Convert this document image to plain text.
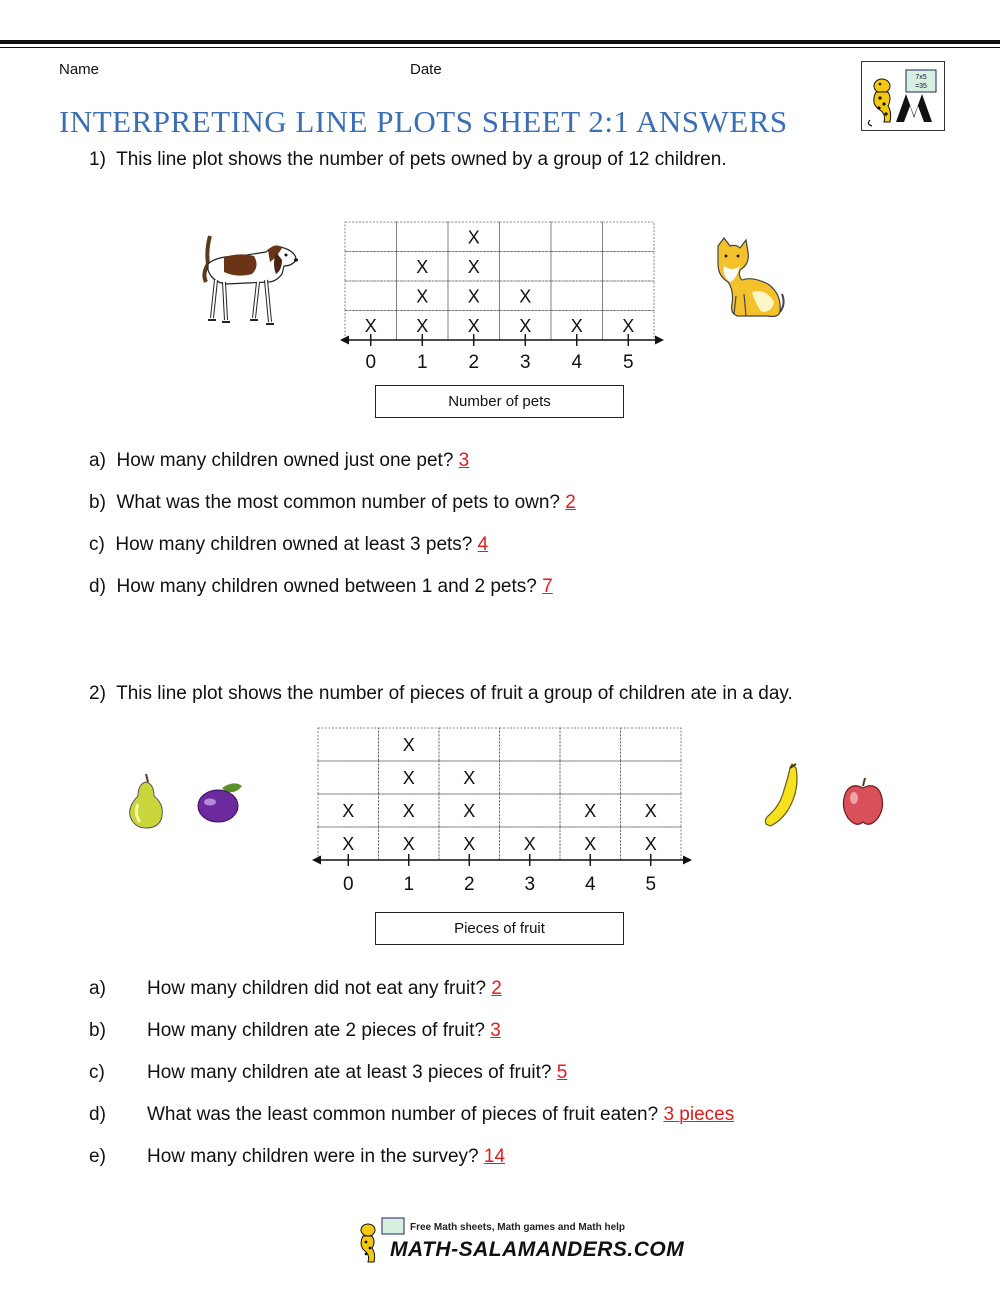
Name	Date
INTERPRETING LINE PLOTS SHEET 2:1 ANSWERS
7x5
=35
1) This line plot shows the number of pets owned by a group of 12 children.
0
X
1
X
X
X
2
X
X
X
X
3
X
X
4
X
5
X
Number of pets
a) How many children owned just one pet? 3
b) What was the most common number of pets to own? 2
c) How many children owned at least 3 pets? 4
d) How many children owned between 1 and 2 pets? 7
2) This line plot shows the number of pieces of fruit a group of children ate in a day.
0
X
X
1
X
X
X
X
2
X
X
X
3
X
4
X
X
5
X
X
Pieces of fruit
a) How many children did not eat any fruit? 2
b) How many children ate 2 pieces of fruit? 3
c) How many children ate at least 3 pieces of fruit? 5
d) What was the least common number of pieces of fruit eaten? 3 pieces
e) How many children were in the survey? 14
Free Math sheets, Math games and Math help
MATH-SALAMANDERS.COM
